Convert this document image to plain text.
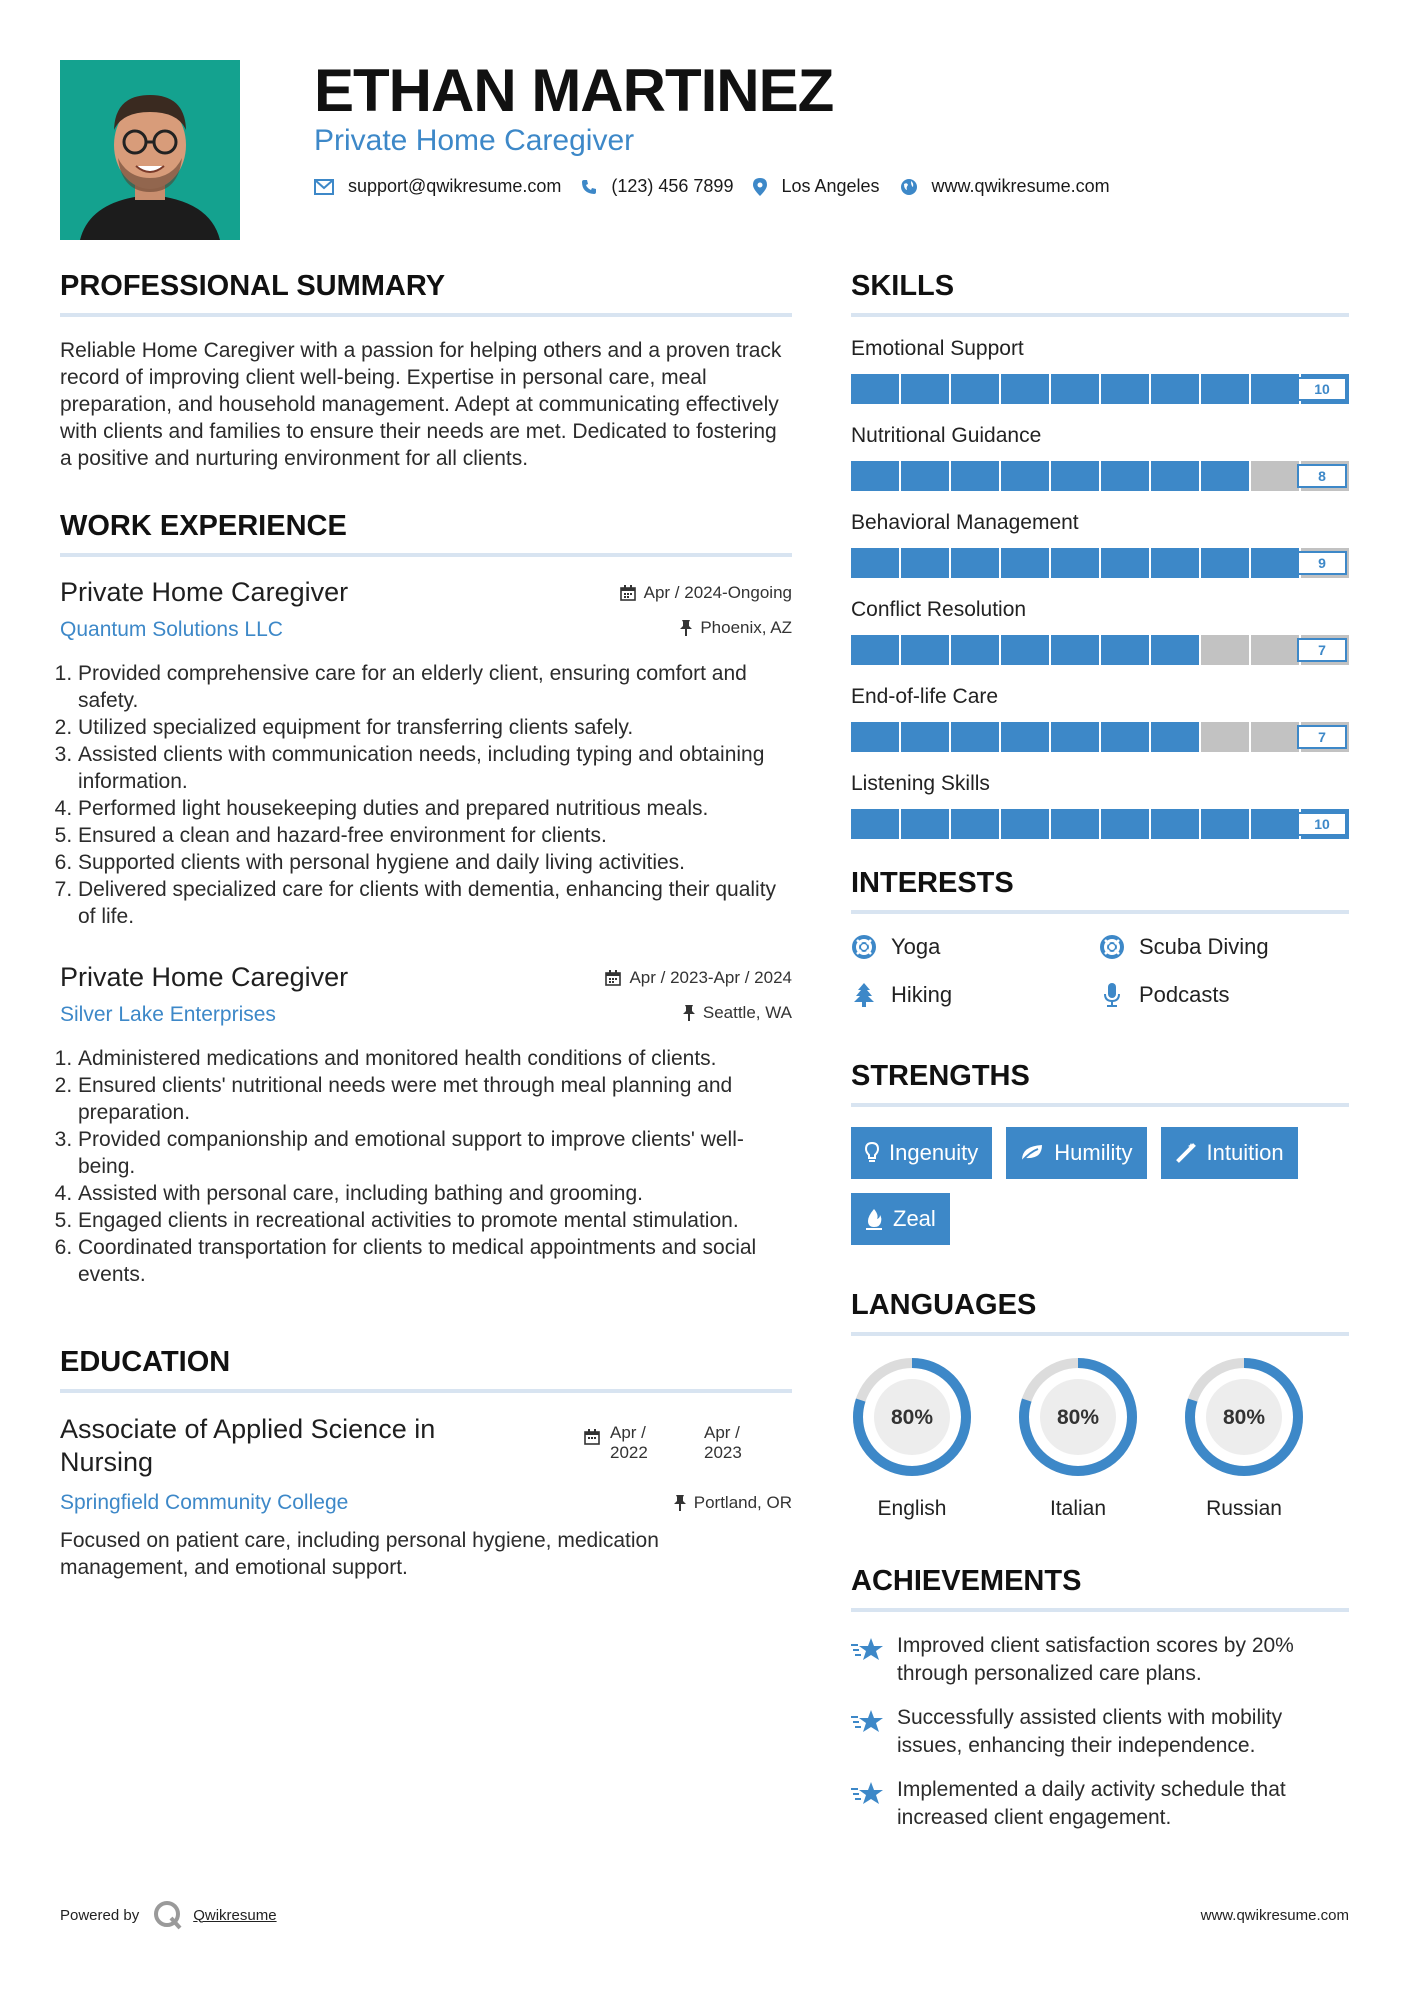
ETHAN MARTINEZ
Private Home Caregiver
support@qwikresume.com	(123) 456 7899	Los Angeles	www.qwikresume.com
PROFESSIONAL SUMMARY

Reliable Home Caregiver with a passion for helping others and a proven track record of improving client well-being. Expertise in personal care, meal preparation, and household management. Adept at communicating effectively with clients and families to ensure their needs are met. Dedicated to fostering a positive and nurturing environment for all clients.

WORK EXPERIENCE
Private Home Caregiver	Apr / 2024-Ongoing
Quantum Solutions LLC	Phoenix, AZ
1. Provided comprehensive care for an elderly client, ensuring comfort and safety.
2. Utilized specialized equipment for transferring clients safely.
3. Assisted clients with communication needs, including typing and obtaining information.
4. Performed light housekeeping duties and prepared nutritious meals.
5. Ensured a clean and hazard-free environment for clients.
6. Supported clients with personal hygiene and daily living activities.
7. Delivered specialized care for clients with dementia, enhancing their quality of life.
Private Home Caregiver	Apr / 2023-Apr / 2024
Silver Lake Enterprises	Seattle, WA
1. Administered medications and monitored health conditions of clients.
2. Ensured clients' nutritional needs were met through meal planning and preparation.
3. Provided companionship and emotional support to improve clients' well-being.
4. Assisted with personal care, including bathing and grooming.
5. Engaged clients in recreational activities to promote mental stimulation.
6. Coordinated transportation for clients to medical appointments and social events.
EDUCATION
Associate of Applied Science in Nursing
Apr / 2022
Apr / 2023
Springfield Community College	Portland, OR

Focused on patient care, including personal hygiene, medication management, and emotional support.

SKILLS
Emotional Support
10
Nutritional Guidance
8
Behavioral Management
9
Conflict Resolution
7
End-of-life Care
7
Listening Skills
10
INTERESTS
Yoga	Scuba Diving
Hiking	Podcasts
STRENGTHS
Ingenuity	Humility	Intuition
Zeal
LANGUAGES
80%
English
80%
Italian
80%
Russian
ACHIEVEMENTS
Improved client satisfaction scores by 20% through personalized care plans.
Successfully assisted clients with mobility issues, enhancing their independence.
Implemented a daily activity schedule that increased client engagement.
Powered by	Qwikresume	www.qwikresume.com
